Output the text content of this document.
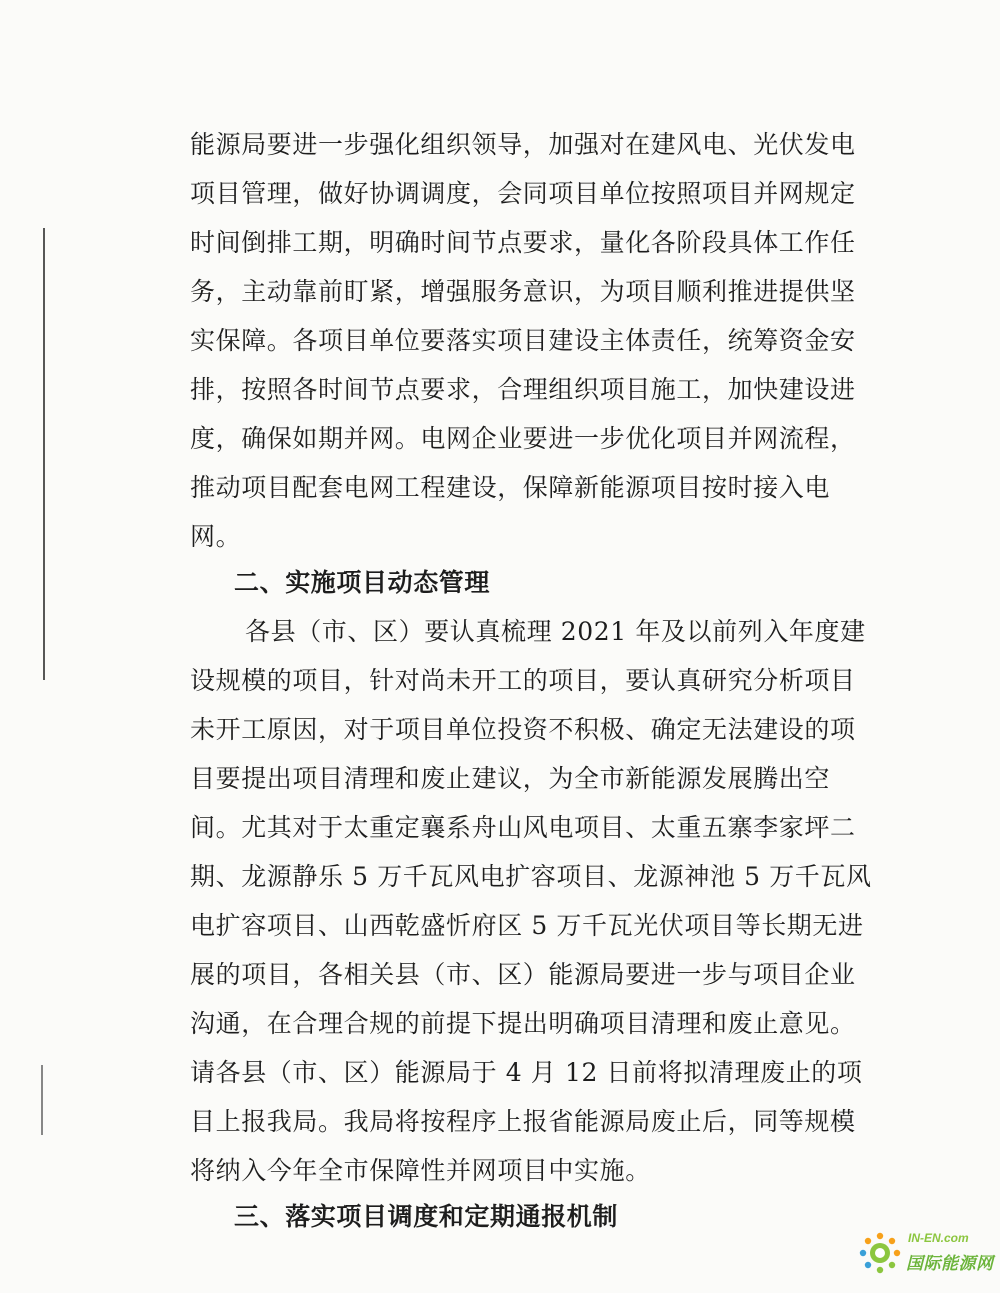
能源局要进一步强化组织领导，加强对在建风电、光伏发电
项目管理，做好协调调度，会同项目单位按照项目并网规定
时间倒排工期，明确时间节点要求，量化各阶段具体工作任
务，主动靠前盯紧，增强服务意识，为项目顺利推进提供坚
实保障。各项目单位要落实项目建设主体责任，统筹资金安
排，按照各时间节点要求，合理组织项目施工，加快建设进
度，确保如期并网。电网企业要进一步优化项目并网流程，
推动项目配套电网工程建设，保障新能源项目按时接入电
网。
二、实施项目动态管理
各县（市、区）要认真梳理 2021 年及以前列入年度建
设规模的项目，针对尚未开工的项目，要认真研究分析项目
未开工原因，对于项目单位投资不积极、确定无法建设的项
目要提出项目清理和废止建议，为全市新能源发展腾出空
间。尤其对于太重定襄系舟山风电项目、太重五寨李家坪二
期、龙源静乐 5 万千瓦风电扩容项目、龙源神池 5 万千瓦风
电扩容项目、山西乾盛忻府区 5 万千瓦光伏项目等长期无进
展的项目，各相关县（市、区）能源局要进一步与项目企业
沟通，在合理合规的前提下提出明确项目清理和废止意见。
请各县（市、区）能源局于 4 月 12 日前将拟清理废止的项
目上报我局。我局将按程序上报省能源局废止后，同等规模
将纳入今年全市保障性并网项目中实施。
三、落实项目调度和定期通报机制
IN-EN.com
国际能源网
